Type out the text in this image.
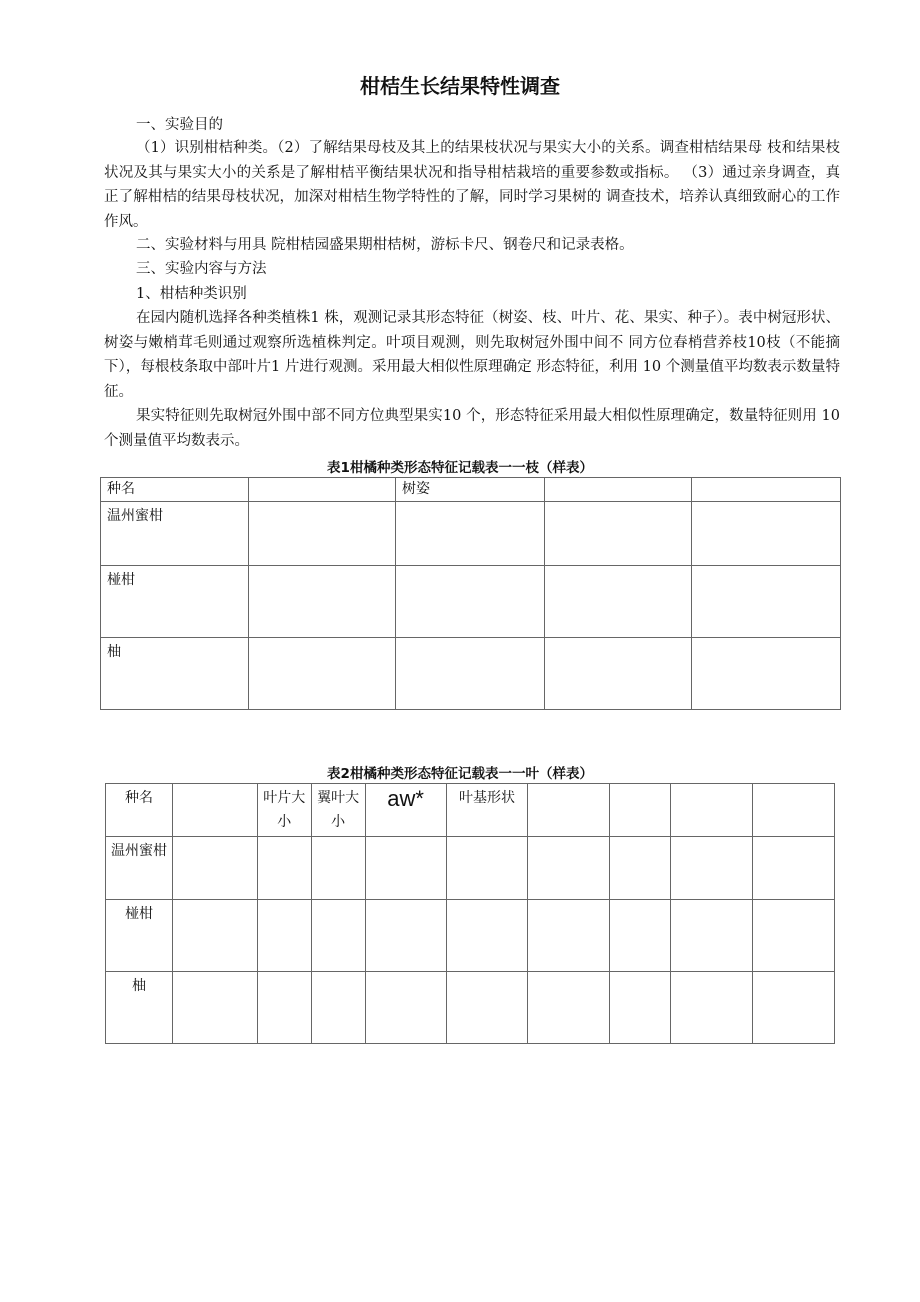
柑桔生长结果特性调查
一、实验目的
（1）识别柑桔种类。（2）了解结果母枝及其上的结果枝状况与果实大小的关系。调查柑桔结果母 枝和结果枝状况及其与果实大小的关系是了解柑桔平衡结果状况和指导柑桔栽培的重要参数或指标。 （3）通过亲身调查，真正了解柑桔的结果母枝状况，加深对柑桔生物学特性的了解，同时学习果树的 调查技术，培养认真细致耐心的工作作风。
二、实验材料与用具 院柑桔园盛果期柑桔树，游标卡尺、钢卷尺和记录表格。
三、实验内容与方法
1、柑桔种类识别
在园内随机选择各种类植株1 株，观测记录其形态特征（树姿、枝、叶片、花、果实、种子）。表中树冠形状、树姿与嫩梢茸毛则通过观察所选植株判定。叶项目观测，则先取树冠外围中间不 同方位春梢营养枝10枝（不能摘下），每根枝条取中部叶片1 片进行观测。采用最大相似性原理确定 形态特征，利用 10 个测量值平均数表示数量特征。
果实特征则先取树冠外围中部不同方位典型果实10 个，形态特征采用最大相似性原理确定，数量特征则用 10 个测量值平均数表示。
表1柑橘种类形态特征记载表一一枝（样表）
种名		树姿		
温州蜜柑				
椪柑				
柚				
表2柑橘种类形态特征记载表一一叶（样表）
种名		叶片大小	翼叶大小	aw*	叶基形状				
温州蜜柑									
椪柑									
柚									
